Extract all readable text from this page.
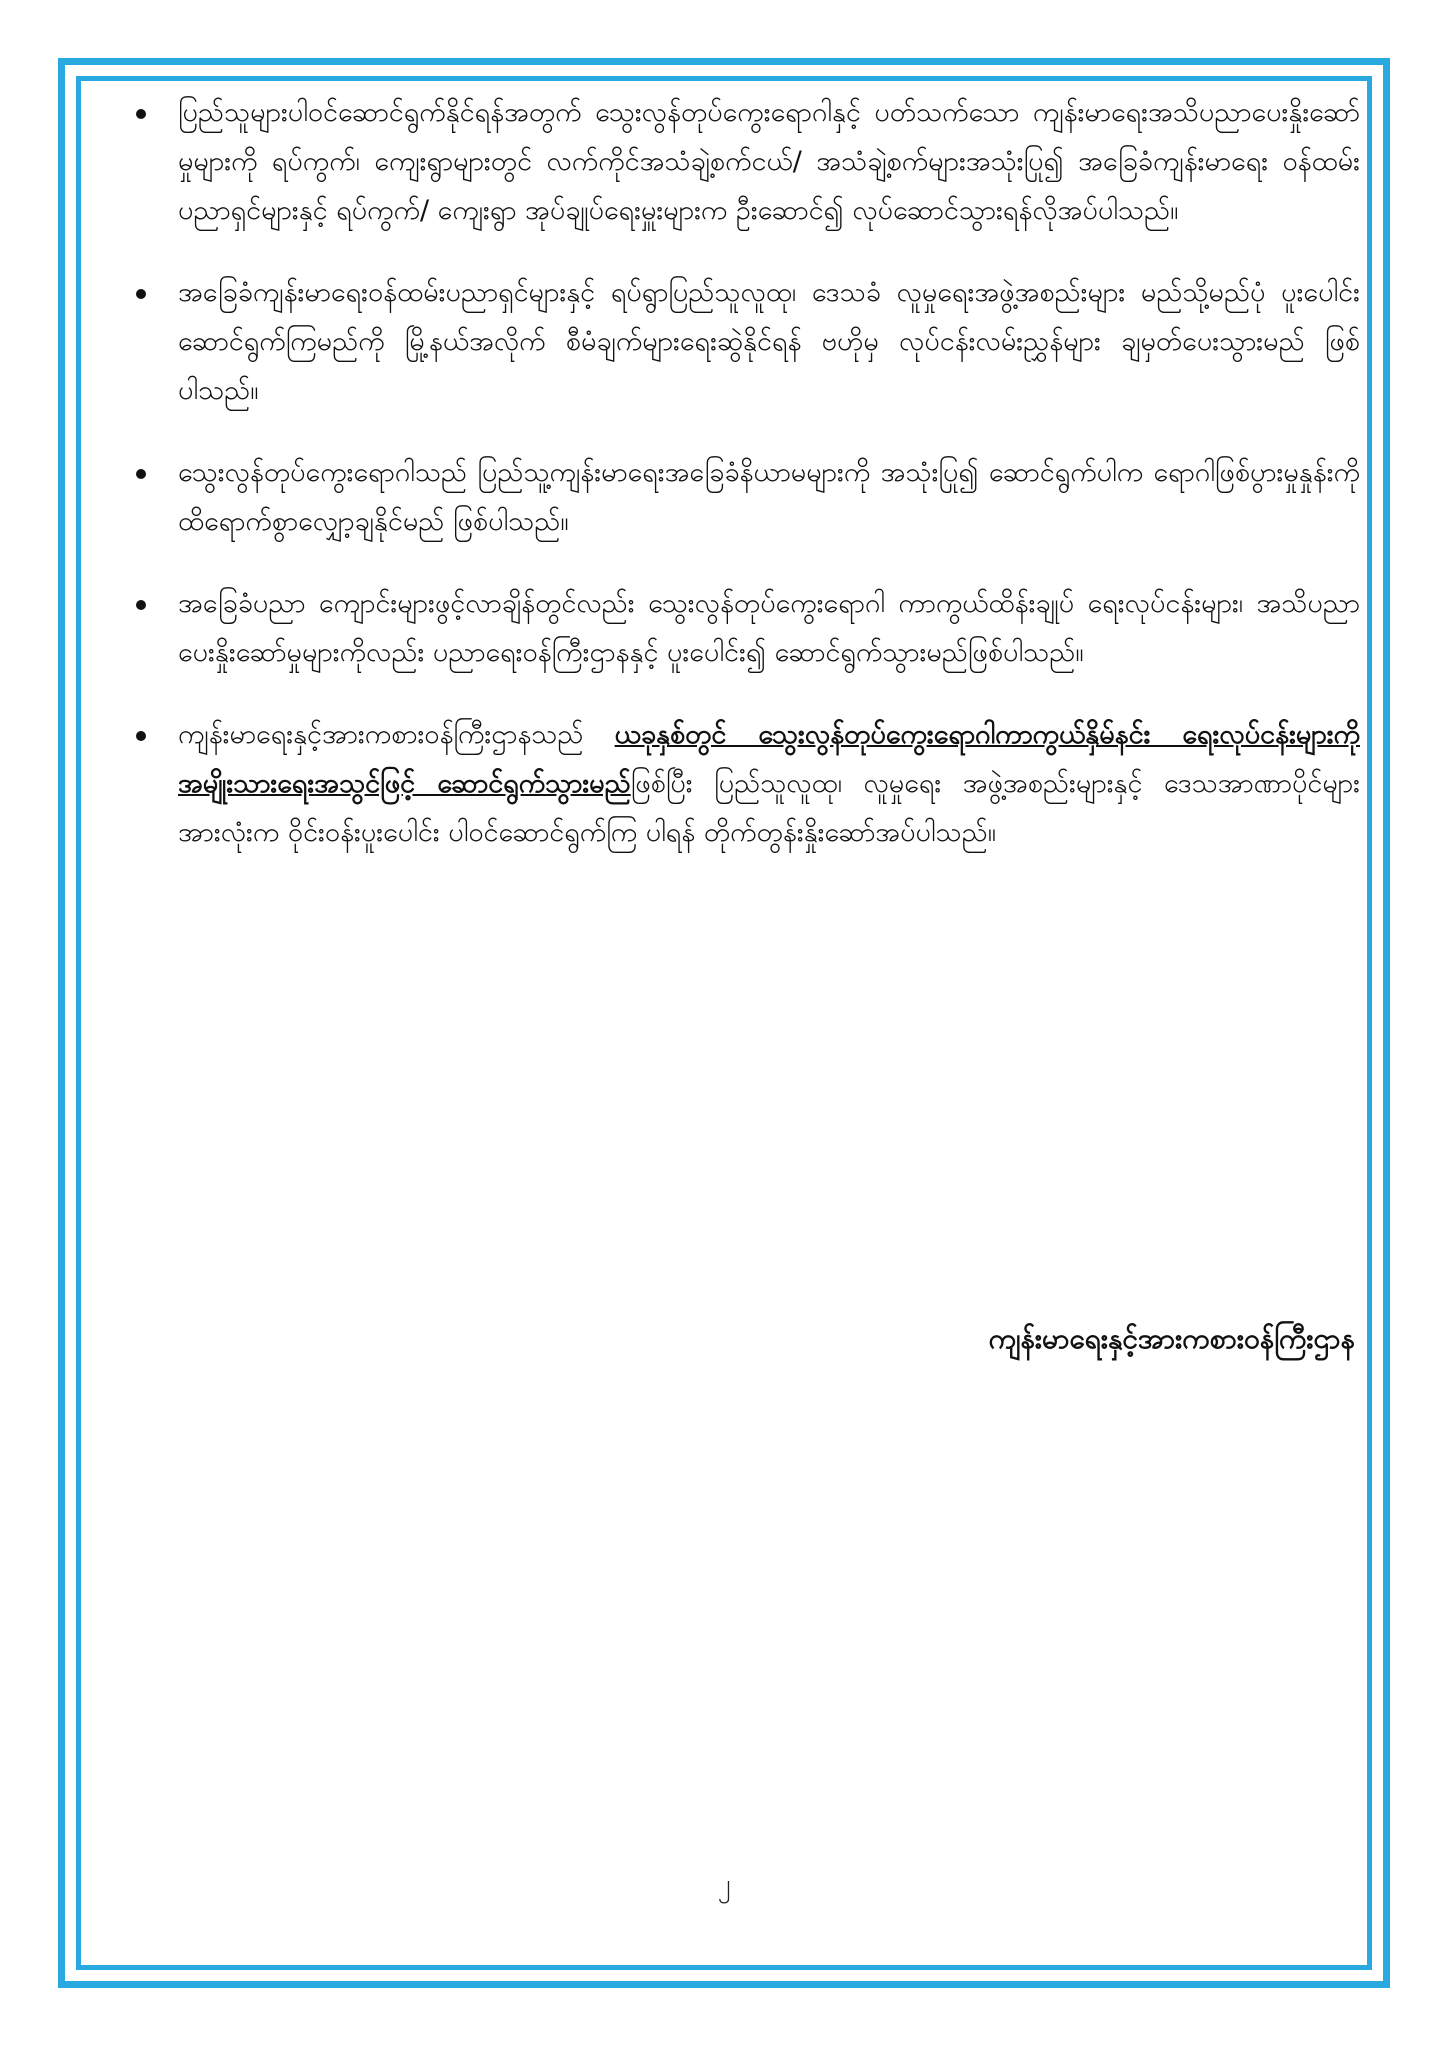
ပြည်သူများပါဝင်ဆောင်ရွက်နိုင်ရန်အတွက် သွေးလွန်တုပ်ကွေးရောဂါနှင့် ပတ်သက်သော ကျန်းမာရေးအသိပညာပေးနှိုးဆော်မှုများကို ရပ်ကွက်၊ ကျေးရွာများတွင် လက်ကိုင်အသံချဲ့စက်ငယ်/ အသံချဲ့စက်များအသုံးပြု၍ အခြေခံကျန်းမာရေး ဝန်ထမ်းပညာရှင်များနှင့် ရပ်ကွက်/ ကျေးရွာ အုပ်ချုပ်ရေးမှူးများက ဦးဆောင်၍ လုပ်ဆောင်သွားရန်လိုအပ်ပါသည်။
အခြေခံကျန်းမာရေးဝန်ထမ်းပညာရှင်များနှင့် ရပ်ရွာပြည်သူလူထု၊ ဒေသခံ လူမှုရေးအဖွဲ့အစည်းများ မည်သို့မည်ပုံ ပူးပေါင်းဆောင်ရွက်ကြမည်ကို မြို့နယ်အလိုက် စီမံချက်များရေးဆွဲနိုင်ရန် ဗဟိုမှ လုပ်ငန်းလမ်းညွှန်များ ချမှတ်ပေးသွားမည် ဖြစ်ပါသည်။
သွေးလွန်တုပ်ကွေးရောဂါသည် ပြည်သူ့ကျန်းမာရေးအခြေခံနိယာမများကို အသုံးပြု၍ ဆောင်ရွက်ပါက ရောဂါဖြစ်ပွားမှုနှုန်းကို ထိရောက်စွာလျှော့ချနိုင်မည် ဖြစ်ပါသည်။
အခြေခံပညာ ကျောင်းများဖွင့်လာချိန်တွင်လည်း သွေးလွန်တုပ်ကွေးရောဂါ ကာကွယ်ထိန်းချုပ် ရေးလုပ်ငန်းများ၊ အသိပညာပေးနှိုးဆော်မှုများကိုလည်း ပညာရေးဝန်ကြီးဌာနနှင့် ပူးပေါင်း၍ ဆောင်ရွက်သွားမည်ဖြစ်ပါသည်။
ကျန်းမာရေးနှင့်အားကစားဝန်ကြီးဌာနသည် ယခုနှစ်တွင် သွေးလွန်တုပ်ကွေးရောဂါကာကွယ်နှိမ်နင်း ရေးလုပ်ငန်းများကို အမျိုးသားရေးအသွင်ဖြင့် ဆောင်ရွက်သွားမည်ဖြစ်ပြီး ပြည်သူလူထု၊ လူမှုရေး အဖွဲ့အစည်းများနှင့် ဒေသအာဏာပိုင်များ အားလုံးက ဝိုင်းဝန်းပူးပေါင်း ပါဝင်ဆောင်ရွက်ကြ ပါရန် တိုက်တွန်းနှိုးဆော်အပ်ပါသည်။
ကျန်းမာရေးနှင့်အားကစားဝန်ကြီးဌာန
၂
